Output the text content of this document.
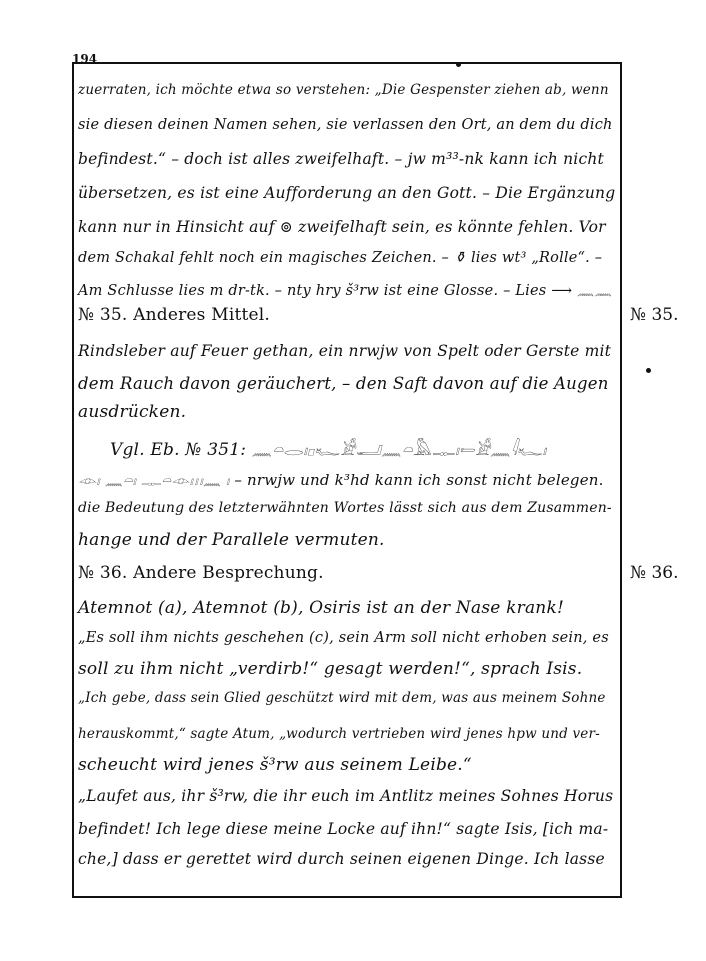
194
zuerraten, ich möchte etwa so verstehen: „Die Gespenster ziehen ab, wenn
sie diesen deinen Namen sehen, sie verlassen den Ort, an dem du dich
befindest.“ – doch ist alles zweifelhaft. – jw m³³-nk kann ich nicht
übersetzen, es ist eine Aufforderung an den Gott. – Die Ergänzung
kann nur in Hinsicht auf ⊚ zweifelhaft sein, es könnte fehlen. Vor
dem Schakal fehlt noch ein magisches Zeichen. – ⚱ lies wt³ „Rolle“. –
Am Schlusse lies m dr-tk. – nty hry š³rw ist eine Glosse. – Lies ⟶ 𓈖𓈖
№ 35. Anderes Mittel.
Rindsleber auf Feuer gethan, ein nrwjw von Spelt oder Gerste mit
dem Rauch davon geräuchert, – den Saft davon auf die Augen
ausdrücken.
Vgl. Eb. № 351: 𓈖𓏏𓂋𓏤𓊪𓆑𓀀𓂝𓈖𓏏𓅓𓊃𓏤𓍿𓀀𓈖𓇋𓆑𓏤
𓁹𓏤 𓈖𓏏𓏤 𓊃𓏏𓁹𓏥𓈖 𓏤 – nrwjw und k³hd kann ich sonst nicht belegen.
die Bedeutung des letzterwähnten Wortes lässt sich aus dem Zusammen-
hange und der Parallele vermuten.
№ 36. Andere Besprechung.
Atemnot (a), Atemnot (b), Osiris ist an der Nase krank!
„Es soll ihm nichts geschehen (c), sein Arm soll nicht erhoben sein, es
soll zu ihm nicht „verdirb!“ gesagt werden!“, sprach Isis.
„Ich gebe, dass sein Glied geschützt wird mit dem, was aus meinem Sohne
herauskommt,“ sagte Atum, „wodurch vertrieben wird jenes hpw und ver-
scheucht wird jenes š³rw aus seinem Leibe.“
„Laufet aus, ihr š³rw, die ihr euch im Antlitz meines Sohnes Horus
befindet! Ich lege diese meine Locke auf ihn!“ sagte Isis, [ich ma-
che,] dass er gerettet wird durch seinen eigenen Dinge. Ich lasse
№ 35.
№ 36.
